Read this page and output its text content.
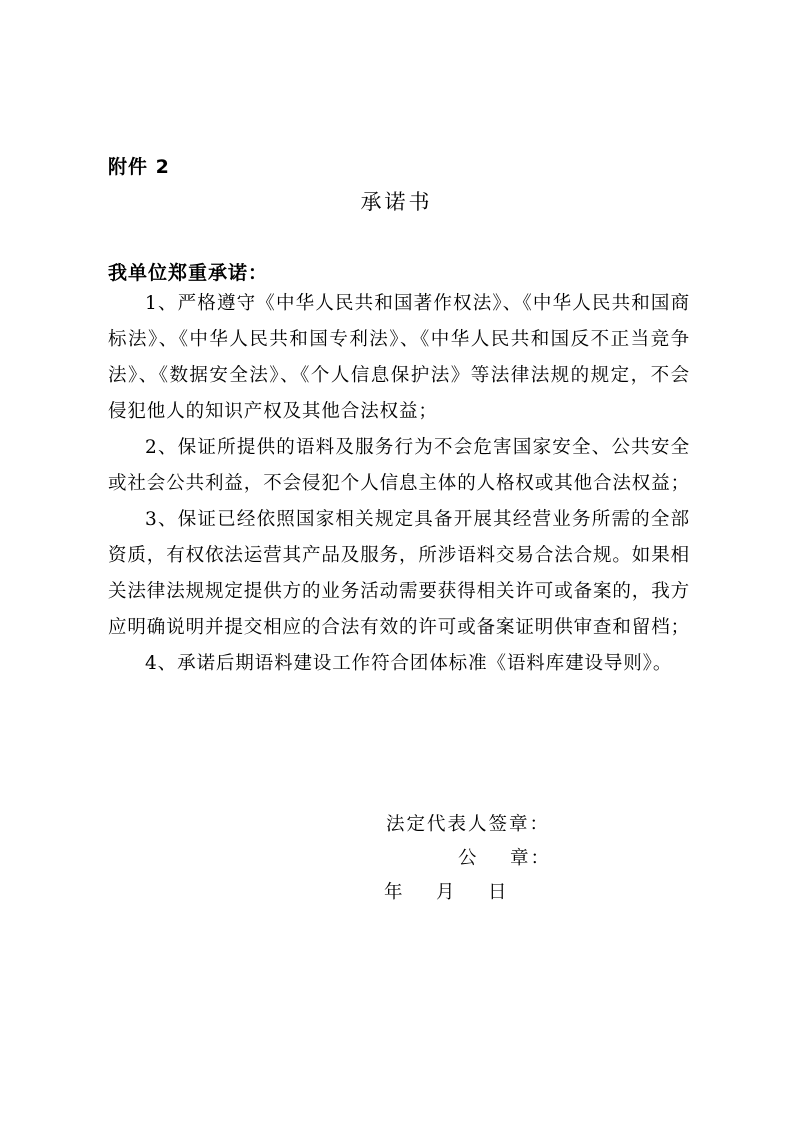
附件 2
承诺书
我单位郑重承诺：

1、严格遵守《中华人民共和国著作权法》、《中华人民共和国商标法》、《中华人民共和国专利法》、《中华人民共和国反不正当竞争法》、《数据安全法》、《个人信息保护法》等法律法规的规定，不会侵犯他人的知识产权及其他合法权益；

2、保证所提供的语料及服务行为不会危害国家安全、公共安全或社会公共利益，不会侵犯个人信息主体的人格权或其他合法权益；

3、保证已经依照国家相关规定具备开展其经营业务所需的全部资质，有权依法运营其产品及服务，所涉语料交易合法合规。如果相关法律法规规定提供方的业务活动需要获得相关许可或备案的，我方应明确说明并提交相应的合法有效的许可或备案证明供审查和留档；

4、承诺后期语料建设工作符合团体标准《语料库建设导则》。

法定代表人签章：
公    章：
年    月    日
